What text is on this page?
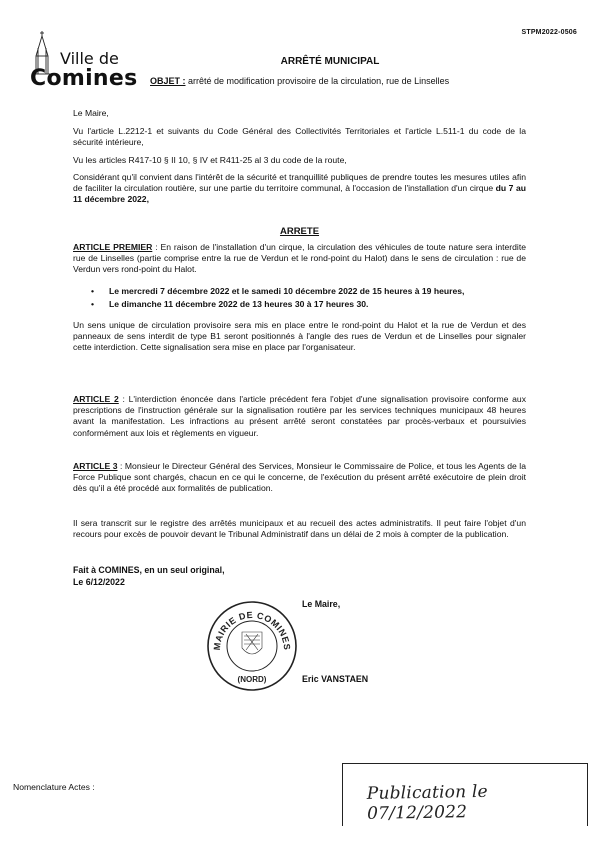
STPM2022-0506
Ville de
Comines
ARRÊTÉ MUNICIPAL
OBJET : arrêté de modification provisoire de la circulation, rue de Linselles

Le Maire,

Vu l'article L.2212-1 et suivants du Code Général des Collectivités Territoriales et l'article L.511-1 du code de la sécurité intérieure,

Vu les articles R417-10 § II 10, § IV et R411-25 al 3 du code de la route,

Considérant qu'il convient dans l'intérêt de la sécurité et tranquillité publiques de prendre toutes les mesures utiles afin de faciliter la circulation routière, sur une partie du territoire communal, à l'occasion de l'installation d'un cirque du 7 au 11 décembre 2022,

ARRETE

ARTICLE PREMIER : En raison de l'installation d'un cirque, la circulation des véhicules de toute nature sera interdite rue de Linselles (partie comprise entre la rue de Verdun et le rond-point du Halot) dans le sens de circulation : rue de Verdun vers rond-point du Halot.

• Le mercredi 7 décembre 2022 et le samedi 10 décembre 2022 de 15 heures à 19 heures,
• Le dimanche 11 décembre 2022 de 13 heures 30 à 17 heures 30.

Un sens unique de circulation provisoire sera mis en place entre le rond-point du Halot et la rue de Verdun et des panneaux de sens interdit de type B1 seront positionnés à l'angle des rues de Verdun et de Linselles pour signaler cette interdiction. Cette signalisation sera mise en place par l'organisateur.

ARTICLE 2 : L'interdiction énoncée dans l'article précédent fera l'objet d'une signalisation provisoire conforme aux prescriptions de l'instruction générale sur la signalisation routière par les services techniques municipaux 48 heures avant la manifestation. Les infractions au présent arrêté seront constatées par procès-verbaux et poursuivies conformément aux lois et règlements en vigueur.

ARTICLE 3 : Monsieur le Directeur Général des Services, Monsieur le Commissaire de Police, et tous les Agents de la Force Publique sont chargés, chacun en ce qui le concerne, de l'exécution du présent arrêté exécutoire de plein droit dès qu'il a été procédé aux formalités de publication.

Il sera transcrit sur le registre des arrêtés municipaux et au recueil des actes administratifs. Il peut faire l'objet d'un recours pour excès de pouvoir devant le Tribunal Administratif dans un délai de 2 mois à compter de la publication.
Fait à COMINES, en un seul original,
Le 6/12/2022
Le Maire,
MAIRIE DE COMINES
(NORD)	Eric VANSTAEN
Nomenclature Actes :	Publication le 07/12/2022
